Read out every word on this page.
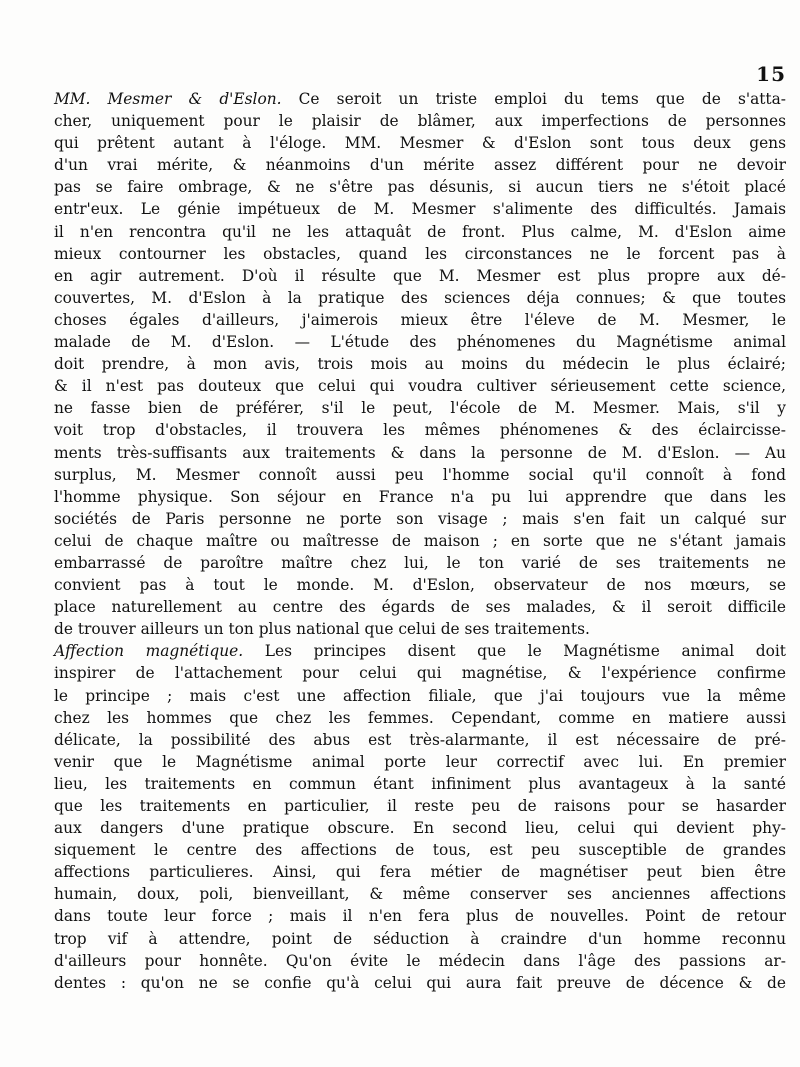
15
MM. Mesmer & d'Eslon. Ce seroit un triste emploi du tems que de s'atta-
cher, uniquement pour le plaisir de blâmer, aux imperfections de personnes
qui prêtent autant à l'éloge. MM. Mesmer & d'Eslon sont tous deux gens
d'un vrai mérite, & néanmoins d'un mérite assez différent pour ne devoir
pas se faire ombrage, & ne s'être pas désunis, si aucun tiers ne s'étoit placé
entr'eux. Le génie impétueux de M. Mesmer s'alimente des difficultés. Jamais
il n'en rencontra qu'il ne les attaquât de front. Plus calme, M. d'Eslon aime
mieux contourner les obstacles, quand les circonstances ne le forcent pas à
en agir autrement. D'où il résulte que M. Mesmer est plus propre aux dé-
couvertes, M. d'Eslon à la pratique des sciences déja connues; & que toutes
choses égales d'ailleurs, j'aimerois mieux être l'éleve de M. Mesmer, le
malade de M. d'Eslon. — L'étude des phénomenes du Magnétisme animal
doit prendre, à mon avis, trois mois au moins du médecin le plus éclairé;
& il n'est pas douteux que celui qui voudra cultiver sérieusement cette science,
ne fasse bien de préférer, s'il le peut, l'école de M. Mesmer. Mais, s'il y
voit trop d'obstacles, il trouvera les mêmes phénomenes & des éclaircisse-
ments très-suffisants aux traitements & dans la personne de M. d'Eslon. — Au
surplus, M. Mesmer connoît aussi peu l'homme social qu'il connoît à fond
l'homme physique. Son séjour en France n'a pu lui apprendre que dans les
sociétés de Paris personne ne porte son visage ; mais s'en fait un calqué sur
celui de chaque maître ou maîtresse de maison ; en sorte que ne s'étant jamais
embarrassé de paroître maître chez lui, le ton varié de ses traitements ne
convient pas à tout le monde. M. d'Eslon, observateur de nos mœurs, se
place naturellement au centre des égards de ses malades, & il seroit difficile
de trouver ailleurs un ton plus national que celui de ses traitements.
Affection magnétique. Les principes disent que le Magnétisme animal doit
inspirer de l'attachement pour celui qui magnétise, & l'expérience confirme
le principe ; mais c'est une affection filiale, que j'ai toujours vue la même
chez les hommes que chez les femmes. Cependant, comme en matiere aussi
délicate, la possibilité des abus est très-alarmante, il est nécessaire de pré-
venir que le Magnétisme animal porte leur correctif avec lui. En premier
lieu, les traitements en commun étant infiniment plus avantageux à la santé
que les traitements en particulier, il reste peu de raisons pour se hasarder
aux dangers d'une pratique obscure. En second lieu, celui qui devient phy-
siquement le centre des affections de tous, est peu susceptible de grandes
affections particulieres. Ainsi, qui fera métier de magnétiser peut bien être
humain, doux, poli, bienveillant, & même conserver ses anciennes affections
dans toute leur force ; mais il n'en fera plus de nouvelles. Point de retour
trop vif à attendre, point de séduction à craindre d'un homme reconnu
d'ailleurs pour honnête. Qu'on évite le médecin dans l'âge des passions ar-
dentes : qu'on ne se confie qu'à celui qui aura fait preuve de décence & de
